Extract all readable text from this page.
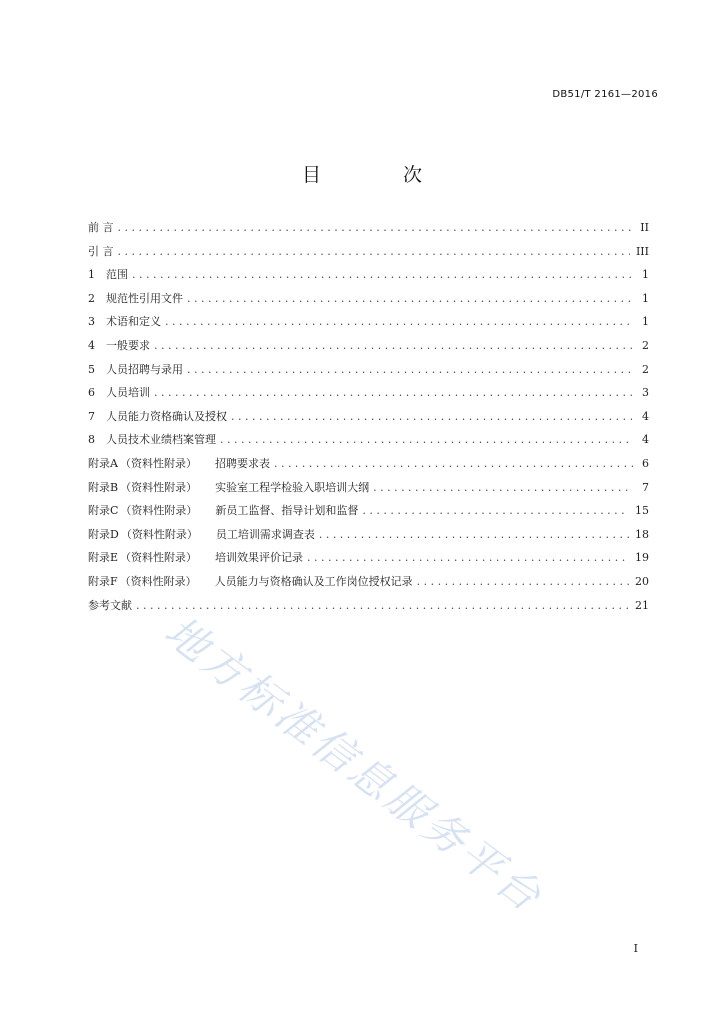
DB51/T 2161—2016
目 次
前 言 . . .	II
引 言 . . .	III
1	范围 . . .	1
2	规范性引用文件 . . .	1
3	术语和定义 . . .	1
4	一般要求 . . .	2
5	人员招聘与录用 . . .	2
6	人员培训 . . .	3
7	人员能力资格确认及授权 . . .	4
8	人员技术业绩档案管理 . . .	4
附录A （资料性附录） 招聘要求表 . . .	6
附录B （资料性附录） 实验室工程学检验入职培训大纲 . . .	7
附录C （资料性附录） 新员工监督、指导计划和监督 . . .	15
附录D （资料性附录） 员工培训需求调查表 . . .	18
附录E （资料性附录） 培训效果评价记录 . . .	19
附录F （资料性附录） 人员能力与资格确认及工作岗位授权记录 . . .	20
参考文献 . . .	21
地方标准信息服务平台
I
